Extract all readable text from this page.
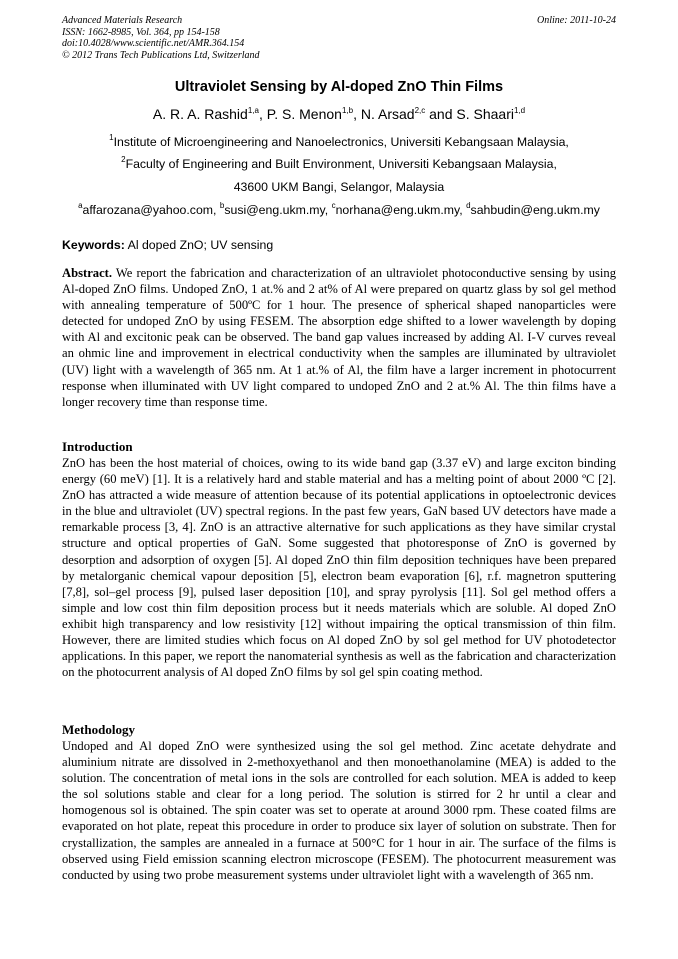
Advanced Materials Research
ISSN: 1662-8985, Vol. 364, pp 154-158
doi:10.4028/www.scientific.net/AMR.364.154
© 2012 Trans Tech Publications Ltd, Switzerland
Online: 2011-10-24
Ultraviolet Sensing by Al-doped ZnO Thin Films
A. R. A. Rashid$^{1,a}$, P. S. Menon$^{1,b}$, N. Arsad$^{2,c}$ and S. Shaari$^{1,d}$
$^1$Institute of Microengineering and Nanoelectronics, Universiti Kebangsaan Malaysia,
$^2$Faculty of Engineering and Built Environment, Universiti Kebangsaan Malaysia,
43600 UKM Bangi, Selangor, Malaysia
$^a$affarozana@yahoo.com, $^b$susi@eng.ukm.my, $^c$norhana@eng.ukm.my, $^d$sahbudin@eng.ukm.my
Keywords: Al doped ZnO; UV sensing

Abstract. We report the fabrication and characterization of an ultraviolet photoconductive sensing by using Al-doped ZnO films. Undoped ZnO, 1 at.% and 2 at% of Al were prepared on quartz glass by sol gel method with annealing temperature of 500ºC for 1 hour. The presence of spherical shaped nanoparticles were detected for undoped ZnO by using FESEM. The absorption edge shifted to a lower wavelength by doping with Al and excitonic peak can be observed. The band gap values increased by adding Al. I-V curves reveal an ohmic line and improvement in electrical conductivity when the samples are illuminated by ultraviolet (UV) light with a wavelength of 365 nm. At 1 at.% of Al, the film have a larger increment in photocurrent response when illuminated with UV light compared to undoped ZnO and 2 at.% Al. The thin films have a longer recovery time than response time.

Introduction

ZnO has been the host material of choices, owing to its wide band gap (3.37 eV) and large exciton binding energy (60 meV) [1]. It is a relatively hard and stable material and has a melting point of about 2000 ºC [2]. ZnO has attracted a wide measure of attention because of its potential applications in optoelectronic devices in the blue and ultraviolet (UV) spectral regions. In the past few years, GaN based UV detectors have made a remarkable process [3, 4]. ZnO is an attractive alternative for such applications as they have similar crystal structure and optical properties of GaN. Some suggested that photoresponse of ZnO is governed by desorption and adsorption of oxygen [5]. Al doped ZnO thin film deposition techniques have been prepared by metalorganic chemical vapour deposition [5], electron beam evaporation [6], r.f. magnetron sputtering [7,8], sol–gel process [9], pulsed laser deposition [10], and spray pyrolysis [11]. Sol gel method offers a simple and low cost thin film deposition process but it needs materials which are soluble. Al doped ZnO exhibit high transparency and low resistivity [12] without impairing the optical transmission of thin film. However, there are limited studies which focus on Al doped ZnO by sol gel method for UV photodetector applications. In this paper, we report the nanomaterial synthesis as well as the fabrication and characterization on the photocurrent analysis of Al doped ZnO films by sol gel spin coating method.

Methodology

Undoped and Al doped ZnO were synthesized using the sol gel method. Zinc acetate dehydrate and aluminium nitrate are dissolved in 2-methoxyethanol and then monoethanolamine (MEA) is added to the solution. The concentration of metal ions in the sols are controlled for each solution. MEA is added to keep the sol solutions stable and clear for a long period. The solution is stirred for 2 hr until a clear and homogenous sol is obtained. The spin coater was set to operate at around 3000 rpm. These coated films are evaporated on hot plate, repeat this procedure in order to produce six layer of solution on substrate. Then for crystallization, the samples are annealed in a furnace at 500°C for 1 hour in air. The surface of the films is observed using Field emission scanning electron microscope (FESEM). The photocurrent measurement was conducted by using two probe measurement systems under ultraviolet light with a wavelength of 365 nm.
